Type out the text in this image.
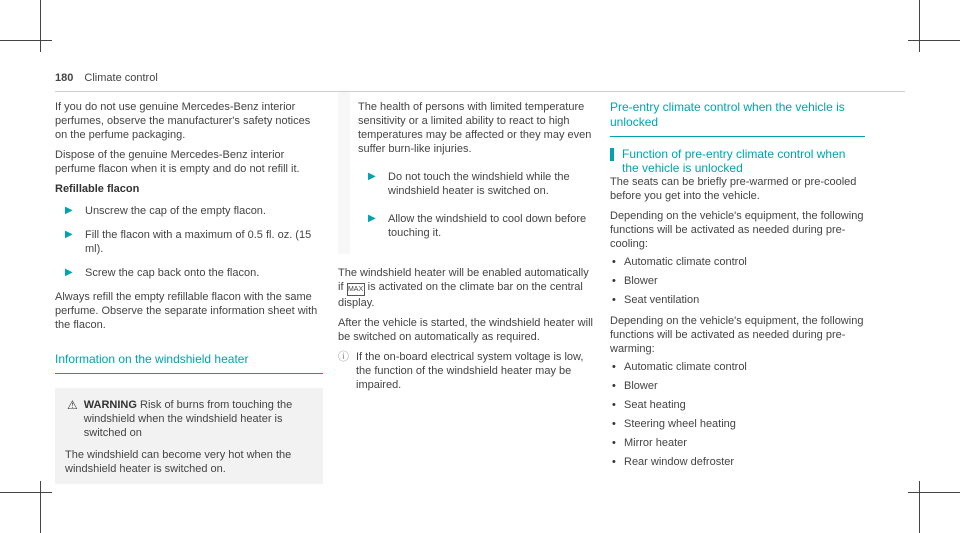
180 Climate control

If you do not use genuine Mercedes-Benz interior perfumes, observe the manufacturer's safety notices on the perfume packaging.

Dispose of the genuine Mercedes-Benz interior perfume flacon when it is empty and do not refill it.

Refillable flacon

▶ Unscrew the cap of the empty flacon.
▶ Fill the flacon with a maximum of 0.5 fl. oz. (15 ml).
▶ Screw the cap back onto the flacon.

Always refill the empty refillable flacon with the same perfume. Observe the separate information sheet with the flacon.

Information on the windshield heater

⚠ WARNING Risk of burns from touching the windshield when the windshield heater is switched on
The windshield can become very hot when the windshield heater is switched on.

The health of persons with limited temperature sensitivity or a limited ability to react to high temperatures may be affected or they may even suffer burn-like injuries.

▶ Do not touch the windshield while the windshield heater is switched on.
▶ Allow the windshield to cool down before touching it.

The windshield heater will be enabled automatically if MAX is activated on the climate bar on the central display.

After the vehicle is started, the windshield heater will be switched on automatically as required.

ⓘ If the on-board electrical system voltage is low, the function of the windshield heater may be impaired.

Pre-entry climate control when the vehicle is unlocked

Function of pre-entry climate control when the vehicle is unlocked

The seats can be briefly pre-warmed or pre-cooled before you get into the vehicle.

Depending on the vehicle's equipment, the following functions will be activated as needed during pre-cooling:

• Automatic climate control
• Blower
• Seat ventilation

Depending on the vehicle's equipment, the following functions will be activated as needed during pre-warming:

• Automatic climate control
• Blower
• Seat heating
• Steering wheel heating
• Mirror heater
• Rear window defroster
